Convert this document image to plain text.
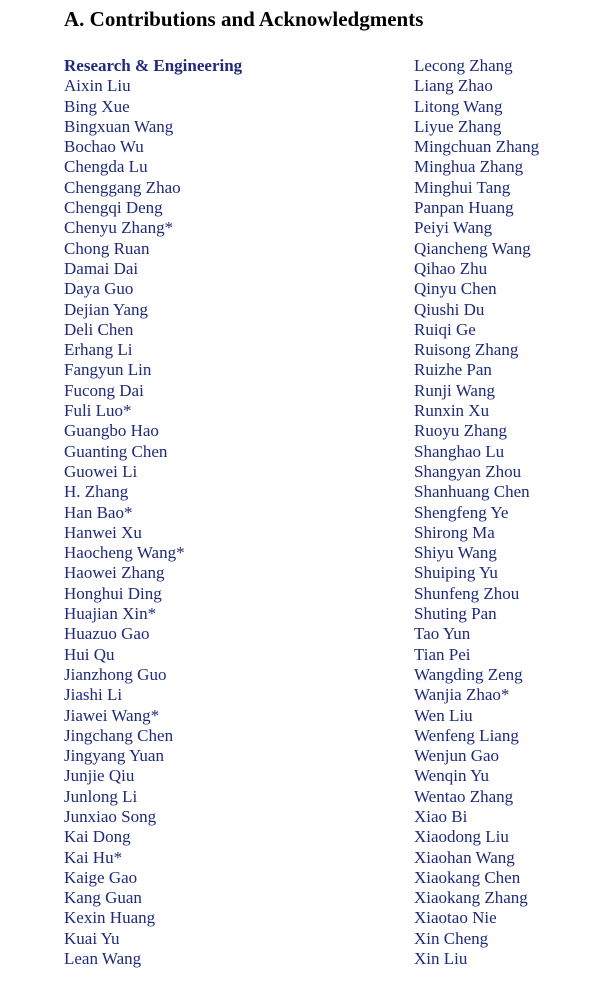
A. Contributions and Acknowledgments
Research & Engineering
Aixin Liu
Bing Xue
Bingxuan Wang
Bochao Wu
Chengda Lu
Chenggang Zhao
Chengqi Deng
Chenyu Zhang*
Chong Ruan
Damai Dai
Daya Guo
Dejian Yang
Deli Chen
Erhang Li
Fangyun Lin
Fucong Dai
Fuli Luo*
Guangbo Hao
Guanting Chen
Guowei Li
H. Zhang
Han Bao*
Hanwei Xu
Haocheng Wang*
Haowei Zhang
Honghui Ding
Huajian Xin*
Huazuo Gao
Hui Qu
Jianzhong Guo
Jiashi Li
Jiawei Wang*
Jingchang Chen
Jingyang Yuan
Junjie Qiu
Junlong Li
Junxiao Song
Kai Dong
Kai Hu*
Kaige Gao
Kang Guan
Kexin Huang
Kuai Yu
Lean Wang
Lecong Zhang
Liang Zhao
Litong Wang
Liyue Zhang
Mingchuan Zhang
Minghua Zhang
Minghui Tang
Panpan Huang
Peiyi Wang
Qiancheng Wang
Qihao Zhu
Qinyu Chen
Qiushi Du
Ruiqi Ge
Ruisong Zhang
Ruizhe Pan
Runji Wang
Runxin Xu
Ruoyu Zhang
Shanghao Lu
Shangyan Zhou
Shanhuang Chen
Shengfeng Ye
Shirong Ma
Shiyu Wang
Shuiping Yu
Shunfeng Zhou
Shuting Pan
Tao Yun
Tian Pei
Wangding Zeng
Wanjia Zhao*
Wen Liu
Wenfeng Liang
Wenjun Gao
Wenqin Yu
Wentao Zhang
Xiao Bi
Xiaodong Liu
Xiaohan Wang
Xiaokang Chen
Xiaokang Zhang
Xiaotao Nie
Xin Cheng
Xin Liu
